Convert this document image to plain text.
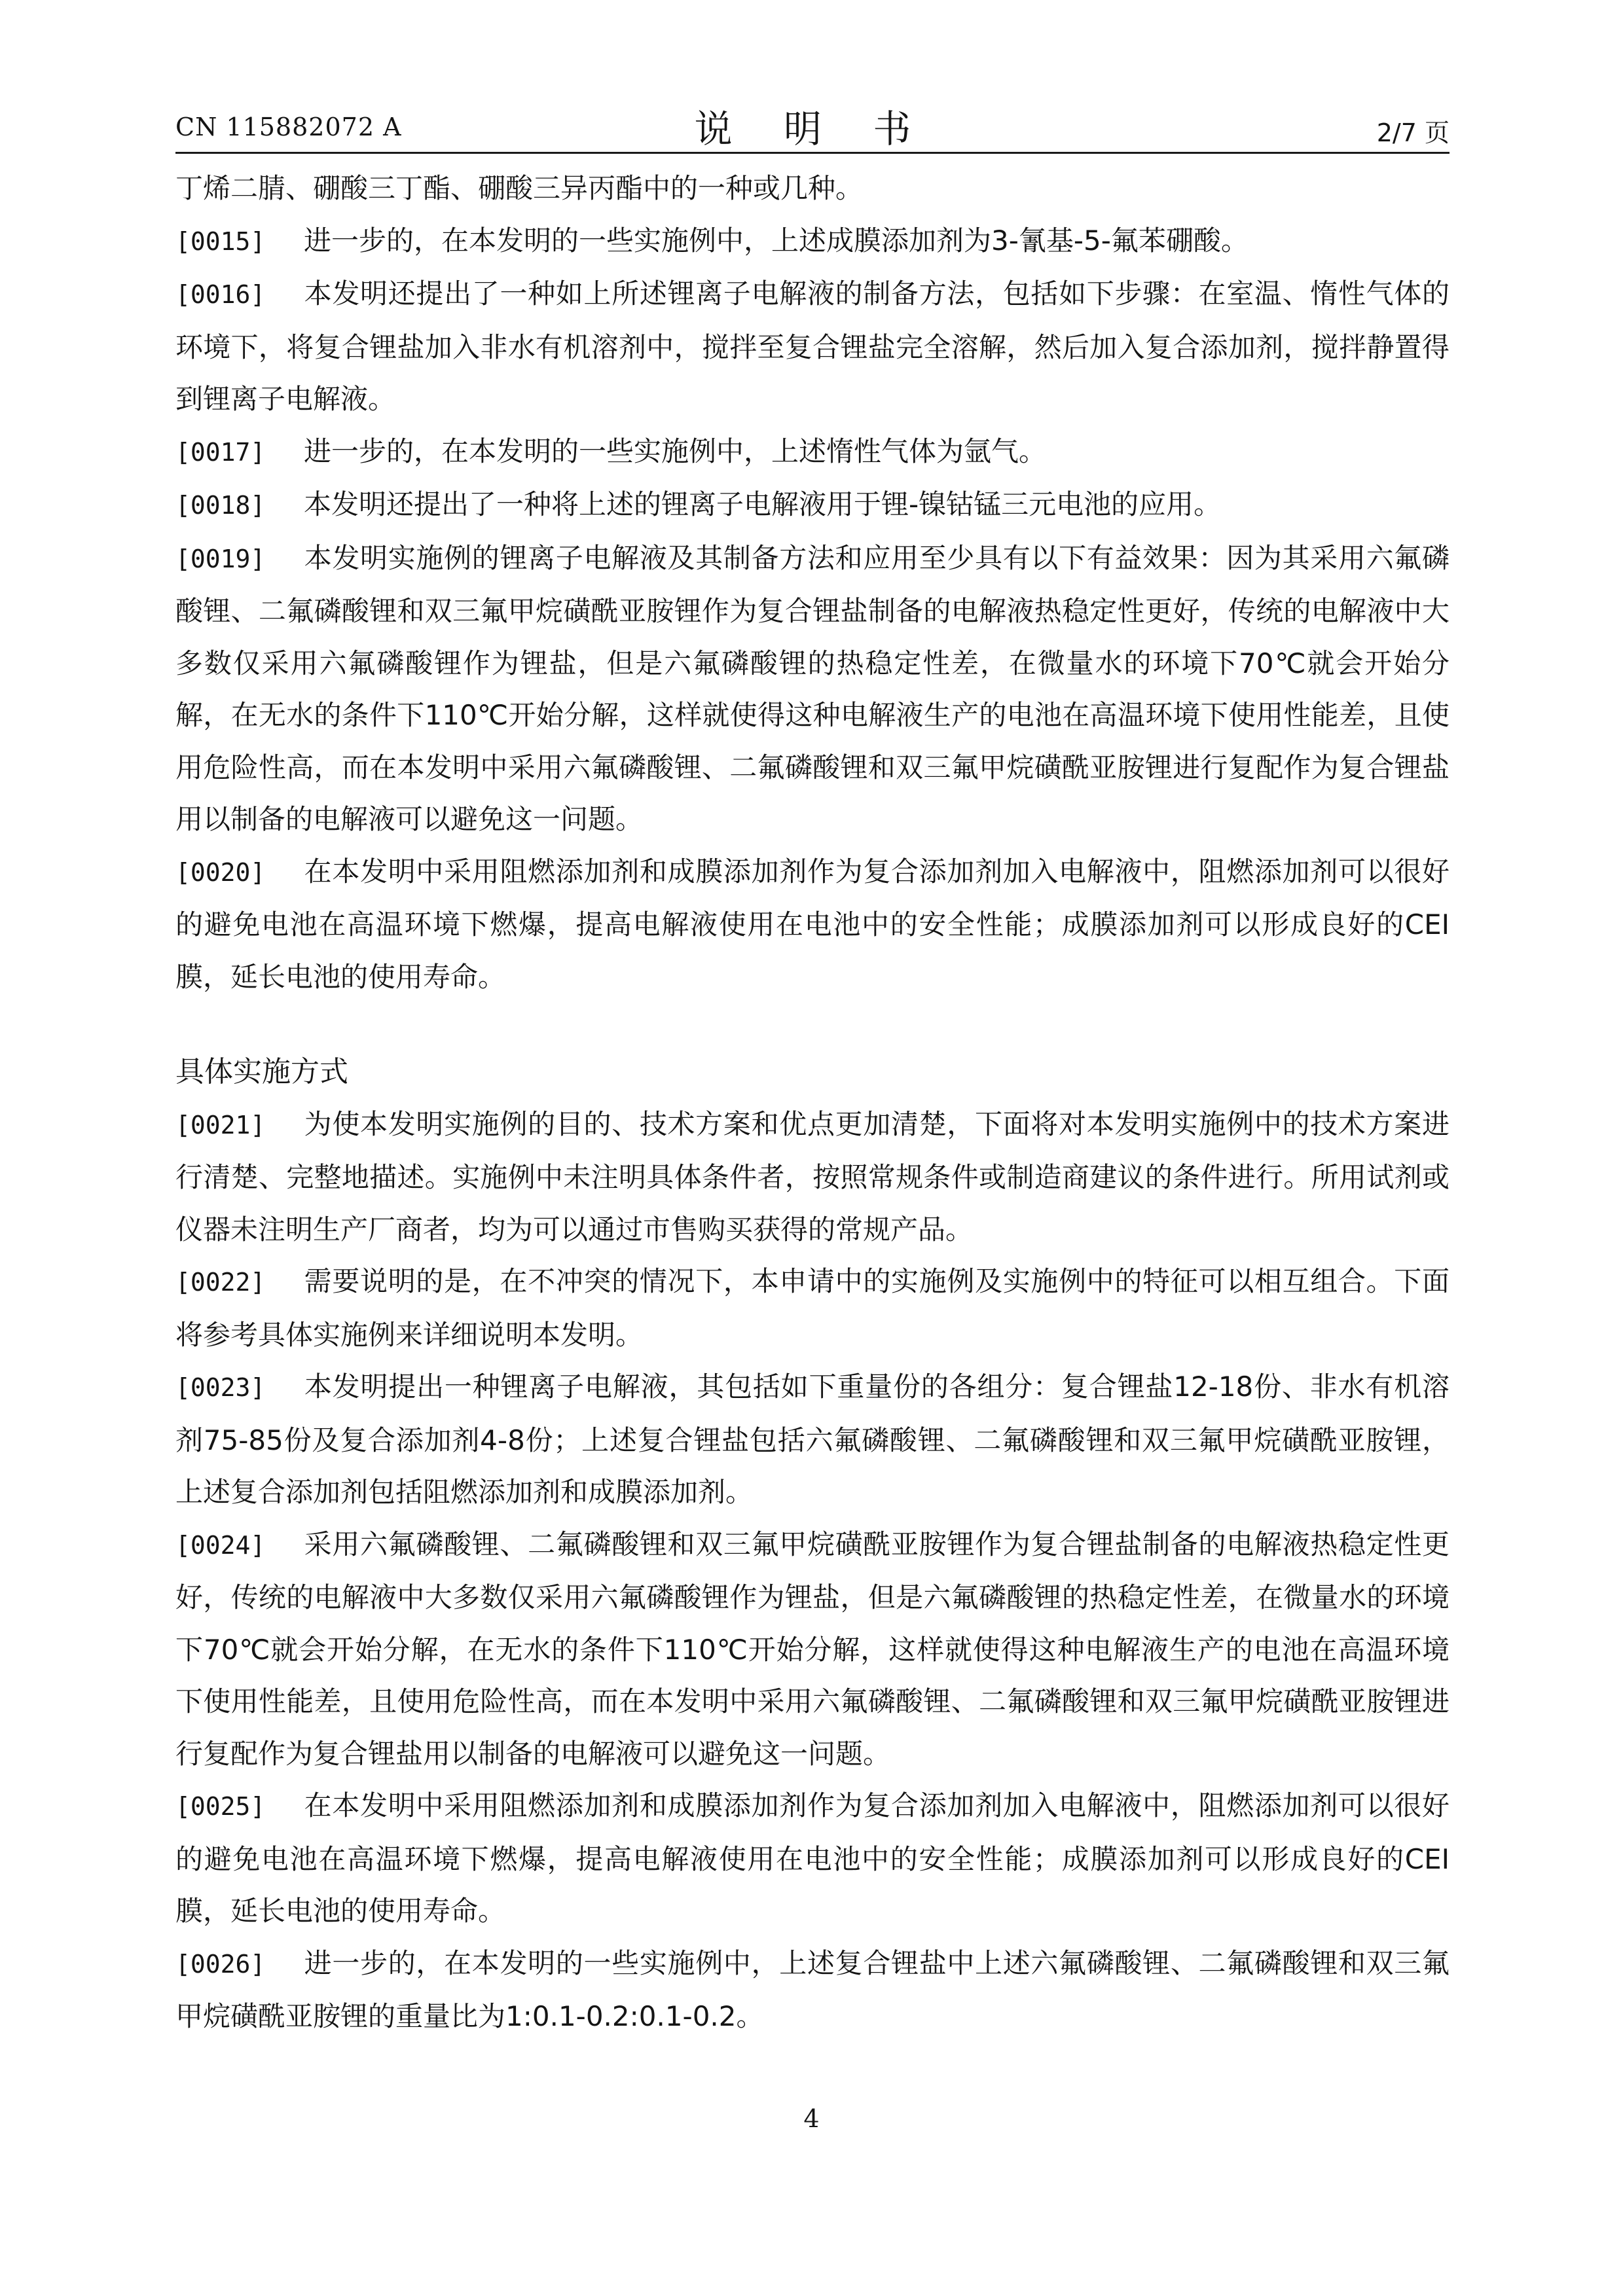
CN 115882072 A	说 明 书	2/7 页
丁烯二腈、硼酸三丁酯、硼酸三异丙酯中的一种或几种。
[0015] 进一步的，在本发明的一些实施例中，上述成膜添加剂为3-氰基-5-氟苯硼酸。
[0016] 本发明还提出了一种如上所述锂离子电解液的制备方法，包括如下步骤：在室温、惰性气体的环境下，将复合锂盐加入非水有机溶剂中，搅拌至复合锂盐完全溶解，然后加入复合添加剂，搅拌静置得到锂离子电解液。
[0017] 进一步的，在本发明的一些实施例中，上述惰性气体为氩气。
[0018] 本发明还提出了一种将上述的锂离子电解液用于锂-镍钴锰三元电池的应用。
[0019] 本发明实施例的锂离子电解液及其制备方法和应用至少具有以下有益效果：因为其采用六氟磷酸锂、二氟磷酸锂和双三氟甲烷磺酰亚胺锂作为复合锂盐制备的电解液热稳定性更好，传统的电解液中大多数仅采用六氟磷酸锂作为锂盐，但是六氟磷酸锂的热稳定性差，在微量水的环境下70℃就会开始分解，在无水的条件下110℃开始分解，这样就使得这种电解液生产的电池在高温环境下使用性能差，且使用危险性高，而在本发明中采用六氟磷酸锂、二氟磷酸锂和双三氟甲烷磺酰亚胺锂进行复配作为复合锂盐用以制备的电解液可以避免这一问题。
[0020] 在本发明中采用阻燃添加剂和成膜添加剂作为复合添加剂加入电解液中，阻燃添加剂可以很好的避免电池在高温环境下燃爆，提高电解液使用在电池中的安全性能；成膜添加剂可以形成良好的CEI膜，延长电池的使用寿命。
具体实施方式
[0021] 为使本发明实施例的目的、技术方案和优点更加清楚，下面将对本发明实施例中的技术方案进行清楚、完整地描述。实施例中未注明具体条件者，按照常规条件或制造商建议的条件进行。所用试剂或仪器未注明生产厂商者，均为可以通过市售购买获得的常规产品。
[0022] 需要说明的是，在不冲突的情况下，本申请中的实施例及实施例中的特征可以相互组合。下面将参考具体实施例来详细说明本发明。
[0023] 本发明提出一种锂离子电解液，其包括如下重量份的各组分：复合锂盐12-18份、非水有机溶剂75-85份及复合添加剂4-8份；上述复合锂盐包括六氟磷酸锂、二氟磷酸锂和双三氟甲烷磺酰亚胺锂，上述复合添加剂包括阻燃添加剂和成膜添加剂。
[0024] 采用六氟磷酸锂、二氟磷酸锂和双三氟甲烷磺酰亚胺锂作为复合锂盐制备的电解液热稳定性更好，传统的电解液中大多数仅采用六氟磷酸锂作为锂盐，但是六氟磷酸锂的热稳定性差，在微量水的环境下70℃就会开始分解，在无水的条件下110℃开始分解，这样就使得这种电解液生产的电池在高温环境下使用性能差，且使用危险性高，而在本发明中采用六氟磷酸锂、二氟磷酸锂和双三氟甲烷磺酰亚胺锂进行复配作为复合锂盐用以制备的电解液可以避免这一问题。
[0025] 在本发明中采用阻燃添加剂和成膜添加剂作为复合添加剂加入电解液中，阻燃添加剂可以很好的避免电池在高温环境下燃爆，提高电解液使用在电池中的安全性能；成膜添加剂可以形成良好的CEI膜，延长电池的使用寿命。
[0026] 进一步的，在本发明的一些实施例中，上述复合锂盐中上述六氟磷酸锂、二氟磷酸锂和双三氟甲烷磺酰亚胺锂的重量比为1:0.1-0.2:0.1-0.2。
4
